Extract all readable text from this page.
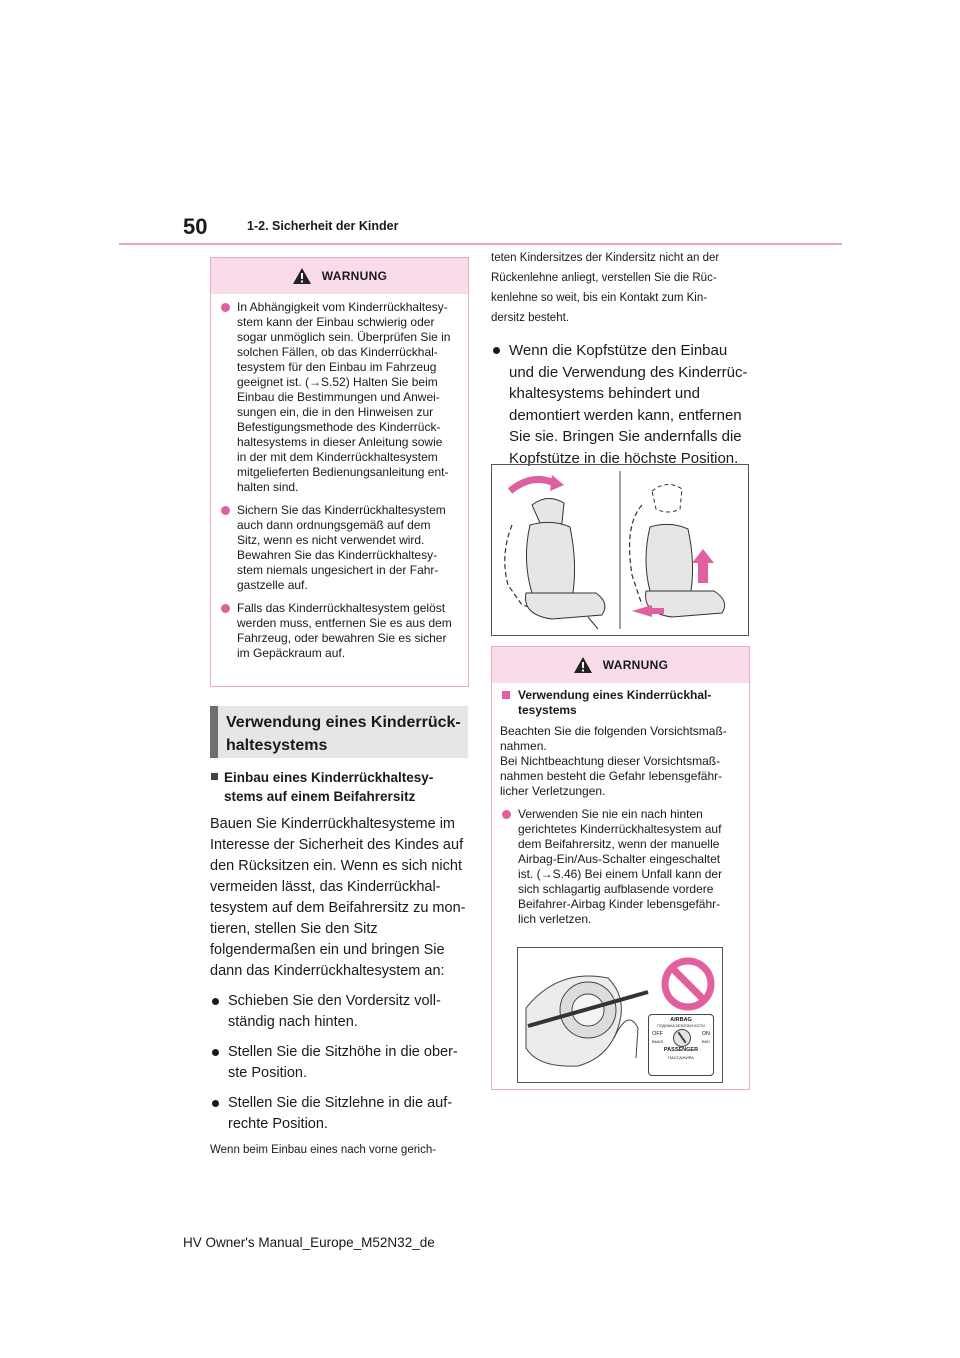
50	1-2. Sicherheit der Kinder
WARNUNG
In Abhängigkeit vom Kinderrückhaltesy-
stem kann der Einbau schwierig oder
sogar unmöglich sein. Überprüfen Sie in
solchen Fällen, ob das Kinderrückhal-
tesystem für den Einbau im Fahrzeug
geeignet ist. (→S.52) Halten Sie beim
Einbau die Bestimmungen und Anwei-
sungen ein, die in den Hinweisen zur
Befestigungsmethode des Kinderrück-
haltesystems in dieser Anleitung sowie
in der mit dem Kinderrückhaltesystem
mitgelieferten Bedienungsanleitung ent-
halten sind.
Sichern Sie das Kinderrückhaltesystem
auch dann ordnungsgemäß auf dem
Sitz, wenn es nicht verwendet wird.
Bewahren Sie das Kinderrückhaltesy-
stem niemals ungesichert in der Fahr-
gastzelle auf.
Falls das Kinderrückhaltesystem gelöst
werden muss, entfernen Sie es aus dem
Fahrzeug, oder bewahren Sie es sicher
im Gepäckraum auf.
Verwendung eines Kinderrück-
haltesystems
Einbau eines Kinderrückhaltesy-
stems auf einem Beifahrersitz
Bauen Sie Kinderrückhaltesysteme im
Interesse der Sicherheit des Kindes auf
den Rücksitzen ein. Wenn es sich nicht
vermeiden lässt, das Kinderrückhal-
tesystem auf dem Beifahrersitz zu mon-
tieren, stellen Sie den Sitz
folgendermaßen ein und bringen Sie
dann das Kinderrückhaltesystem an:
Schieben Sie den Vordersitz voll-
ständig nach hinten.
Stellen Sie die Sitzhöhe in die ober-
ste Position.
Stellen Sie die Sitzlehne in die auf-
rechte Position.
Wenn beim Einbau eines nach vorne gerich-
teten Kindersitzes der Kindersitz nicht an der
Rückenlehne anliegt, verstellen Sie die Rüc-
kenlehne so weit, bis ein Kontakt zum Kin-
dersitz besteht.
Wenn die Kopfstütze den Einbau
und die Verwendung des Kinderrüc-
khaltesystems behindert und
demontiert werden kann, entfernen
Sie sie. Bringen Sie andernfalls die
Kopfstütze in die höchste Position.
WARNUNG
Verwendung eines Kinderrückhal-
tesystems
Beachten Sie die folgenden Vorsichtsmaß-
nahmen.
Bei Nichtbeachtung dieser Vorsichtsmaß-
nahmen besteht die Gefahr lebensgefähr-
licher Verletzungen.
Verwenden Sie nie ein nach hinten
gerichtetes Kinderrückhaltesystem auf
dem Beifahrersitz, wenn der manuelle
Airbag-Ein/Aus-Schalter eingeschaltet
ist. (→S.46) Bei einem Unfall kann der
sich schlagartig aufblasende vordere
Beifahrer-Airbag Kinder lebensgefähr-
lich verletzen.
AIRBAG
ПОДУШКА БЕЗОПАСНОСТИ
OFF
ВЫКЛ
ON
ВКЛ
PASSENGER
ПАССАЖИРА
HV Owner's Manual_Europe_M52N32_de
